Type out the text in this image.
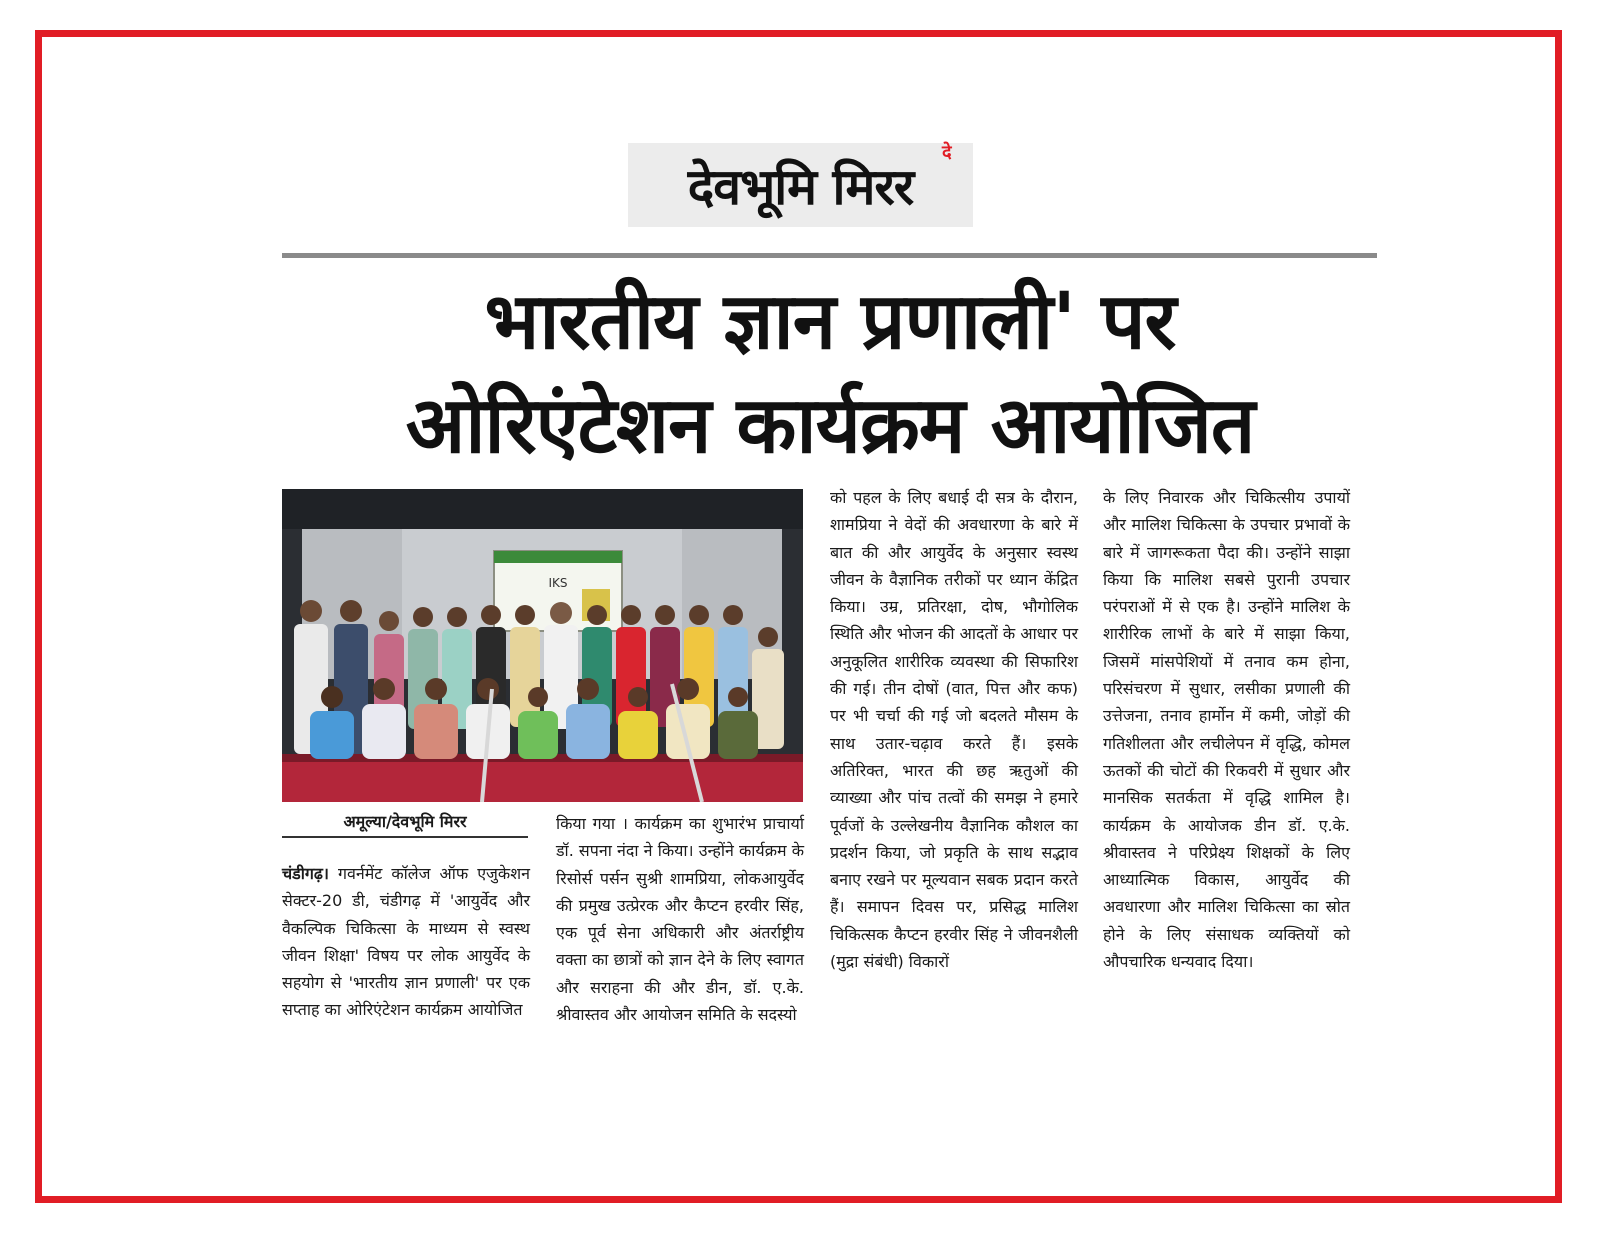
देवभूमि मिरर
दे
भारतीय ज्ञान प्रणाली' पर
ओरिएंटेशन कार्यक्रम आयोजित
IKS
अमूल्या/देवभूमि मिरर
चंडीगढ़। गवर्नमेंट कॉलेज ऑफ एजुकेशन सेक्टर-20 डी, चंडीगढ़ में 'आयुर्वेद और वैकल्पिक चिकित्सा के माध्यम से स्वस्थ जीवन शिक्षा' विषय पर लोक आयुर्वेद के सहयोग से 'भारतीय ज्ञान प्रणाली' पर एक सप्ताह का ओरिएंटेशन कार्यक्रम आयोजित
किया गया । कार्यक्रम का शुभारंभ प्राचार्या डॉ. सपना नंदा ने किया। उन्होंने कार्यक्रम के रिसोर्स पर्सन सुश्री शामप्रिया, लोकआयुर्वेद की प्रमुख उत्प्रेरक और कैप्टन हरवीर सिंह, एक पूर्व सेना अधिकारी और अंतर्राष्ट्रीय वक्ता का छात्रों को ज्ञान देने के लिए स्वागत और सराहना की और डीन, डॉ. ए.के. श्रीवास्तव और आयोजन समिति के सदस्यो
को पहल के लिए बधाई दी सत्र के दौरान, शामप्रिया ने वेदों की अवधारणा के बारे में बात की और आयुर्वेद के अनुसार स्वस्थ जीवन के वैज्ञानिक तरीकों पर ध्यान केंद्रित किया। उम्र, प्रतिरक्षा, दोष, भौगोलिक स्थिति और भोजन की आदतों के आधार पर अनुकूलित शारीरिक व्यवस्था की सिफारिश की गई। तीन दोषों (वात, पित्त और कफ) पर भी चर्चा की गई जो बदलते मौसम के साथ उतार-चढ़ाव करते हैं। इसके अतिरिक्त, भारत की छह ऋतुओं की व्याख्या और पांच तत्वों की समझ ने हमारे पूर्वजों के उल्लेखनीय वैज्ञानिक कौशल का प्रदर्शन किया, जो प्रकृति के साथ सद्भाव बनाए रखने पर मूल्यवान सबक प्रदान करते हैं। समापन दिवस पर, प्रसिद्ध मालिश चिकित्सक कैप्टन हरवीर सिंह ने जीवनशैली (मुद्रा संबंधी) विकारों
के लिए निवारक और चिकित्सीय उपायों और मालिश चिकित्सा के उपचार प्रभावों के बारे में जागरूकता पैदा की। उन्होंने साझा किया कि मालिश सबसे पुरानी उपचार परंपराओं में से एक है। उन्होंने मालिश के शारीरिक लाभों के बारे में साझा किया, जिसमें मांसपेशियों में तनाव कम होना, परिसंचरण में सुधार, लसीका प्रणाली की उत्तेजना, तनाव हार्मोन में कमी, जोड़ों की गतिशीलता और लचीलेपन में वृद्धि, कोमल ऊतकों की चोटों की रिकवरी में सुधार और मानसिक सतर्कता में वृद्धि शामिल है। कार्यक्रम के आयोजक डीन डॉ. ए.के. श्रीवास्तव ने परिप्रेक्ष्य शिक्षकों के लिए आध्यात्मिक विकास, आयुर्वेद की अवधारणा और मालिश चिकित्सा का स्रोत होने के लिए संसाधक व्यक्तियों को औपचारिक धन्यवाद दिया।
